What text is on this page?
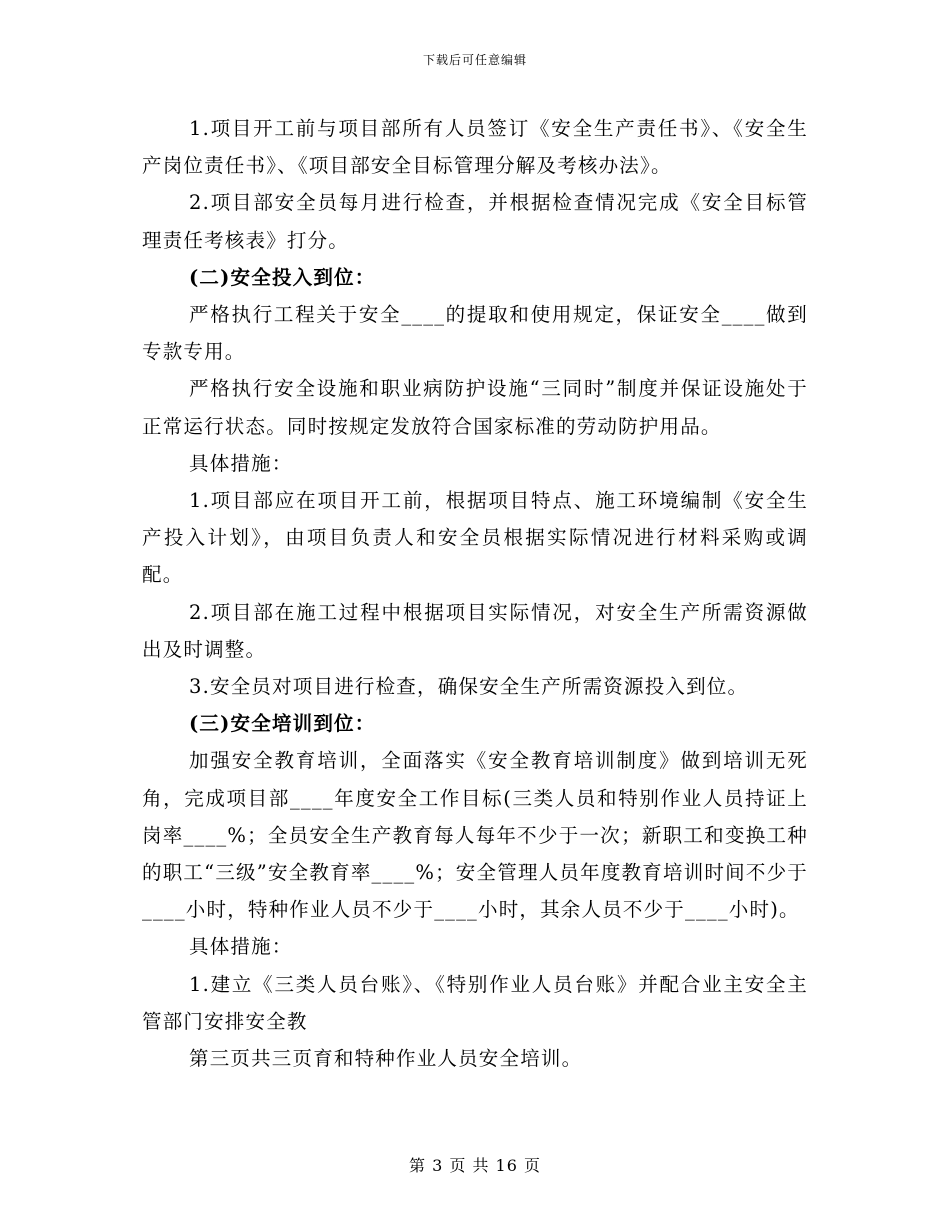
下载后可任意编辑

1.项目开工前与项目部所有人员签订《安全生产责任书》、《安全生产岗位责任书》、《项目部安全目标管理分解及考核办法》。

2.项目部安全员每月进行检查，并根据检查情况完成《安全目标管理责任考核表》打分。

(二)安全投入到位：

严格执行工程关于安全____的提取和使用规定，保证安全____做到专款专用。

严格执行安全设施和职业病防护设施“三同时”制度并保证设施处于正常运行状态。同时按规定发放符合国家标准的劳动防护用品。

具体措施：

1.项目部应在项目开工前，根据项目特点、施工环境编制《安全生产投入计划》，由项目负责人和安全员根据实际情况进行材料采购或调配。

2.项目部在施工过程中根据项目实际情况，对安全生产所需资源做出及时调整。

3.安全员对项目进行检查，确保安全生产所需资源投入到位。

(三)安全培训到位：

加强安全教育培训，全面落实《安全教育培训制度》做到培训无死角，完成项目部____年度安全工作目标(三类人员和特别作业人员持证上岗率____%；全员安全生产教育每人每年不少于一次；新职工和变换工种的职工“三级”安全教育率____%；安全管理人员年度教育培训时间不少于____小时，特种作业人员不少于____小时，其余人员不少于____小时)。

具体措施：

1.建立《三类人员台账》、《特别作业人员台账》并配合业主安全主管部门安排安全教

第三页共三页育和特种作业人员安全培训。

第 3 页 共 16 页
